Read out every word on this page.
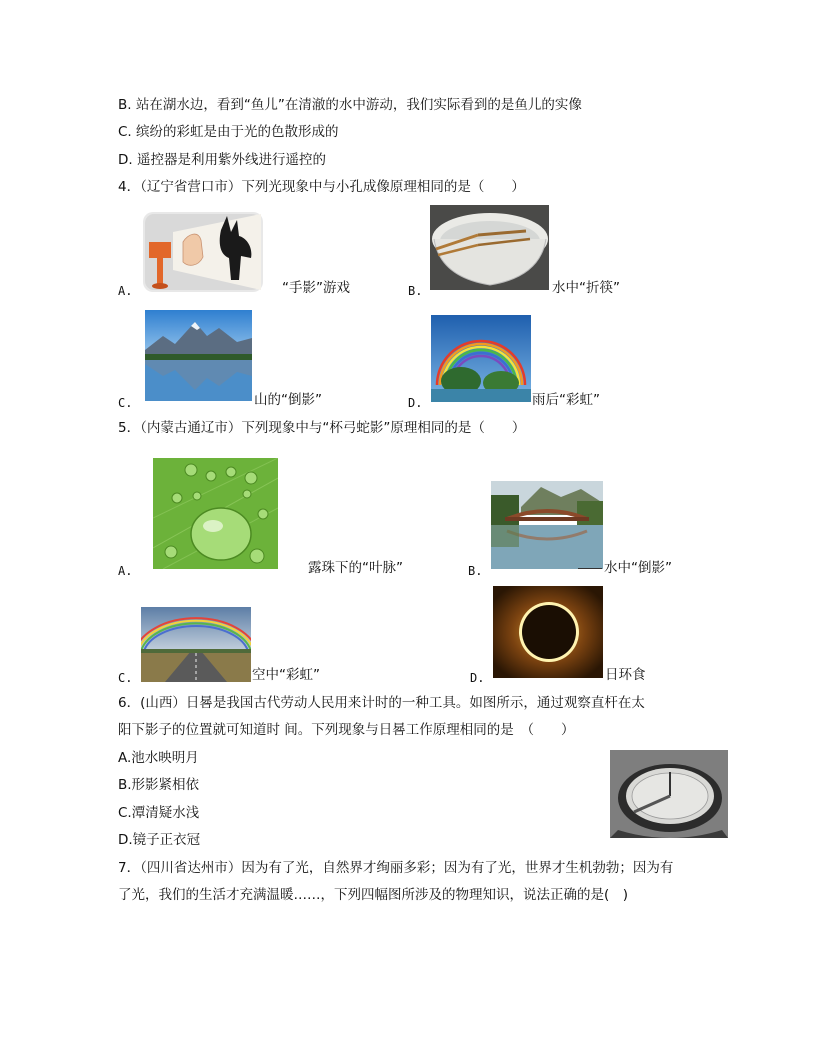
B. 站在湖水边，看到“鱼儿”在清澈的水中游动，我们实际看到的是鱼儿的实像
C. 缤纷的彩虹是由于光的色散形成的
D. 遥控器是利用紫外线进行遥控的
4．（辽宁省营口市）下列光现象中与小孔成像原理相同的是（　　）
A.	“手影”游戏	B.	水中“折筷”
C.	山的“倒影”	D.	雨后“彩虹”
5．（内蒙古通辽市）下列现象中与“杯弓蛇影”原理相同的是（　　）
A.	露珠下的“叶脉”	B.	水中“倒影”
C.	空中“彩虹”	D.	日环食
6．(山西）日晷是我国古代劳动人民用来计时的一种工具。如图所示，通过观察直杆在太
阳下影子的位置就可知道时 间。下列现象与日晷工作原理相同的是　（　　）
A.池水映明月
B.形影紧相依
C.潭清疑水浅
D.镜子正衣冠
7．（四川省达州市）因为有了光，自然界才绚丽多彩；因为有了光，世界才生机勃勃；因为有
了光，我们的生活才充满温暖……，下列四幅图所涉及的物理知识，说法正确的是(　)
